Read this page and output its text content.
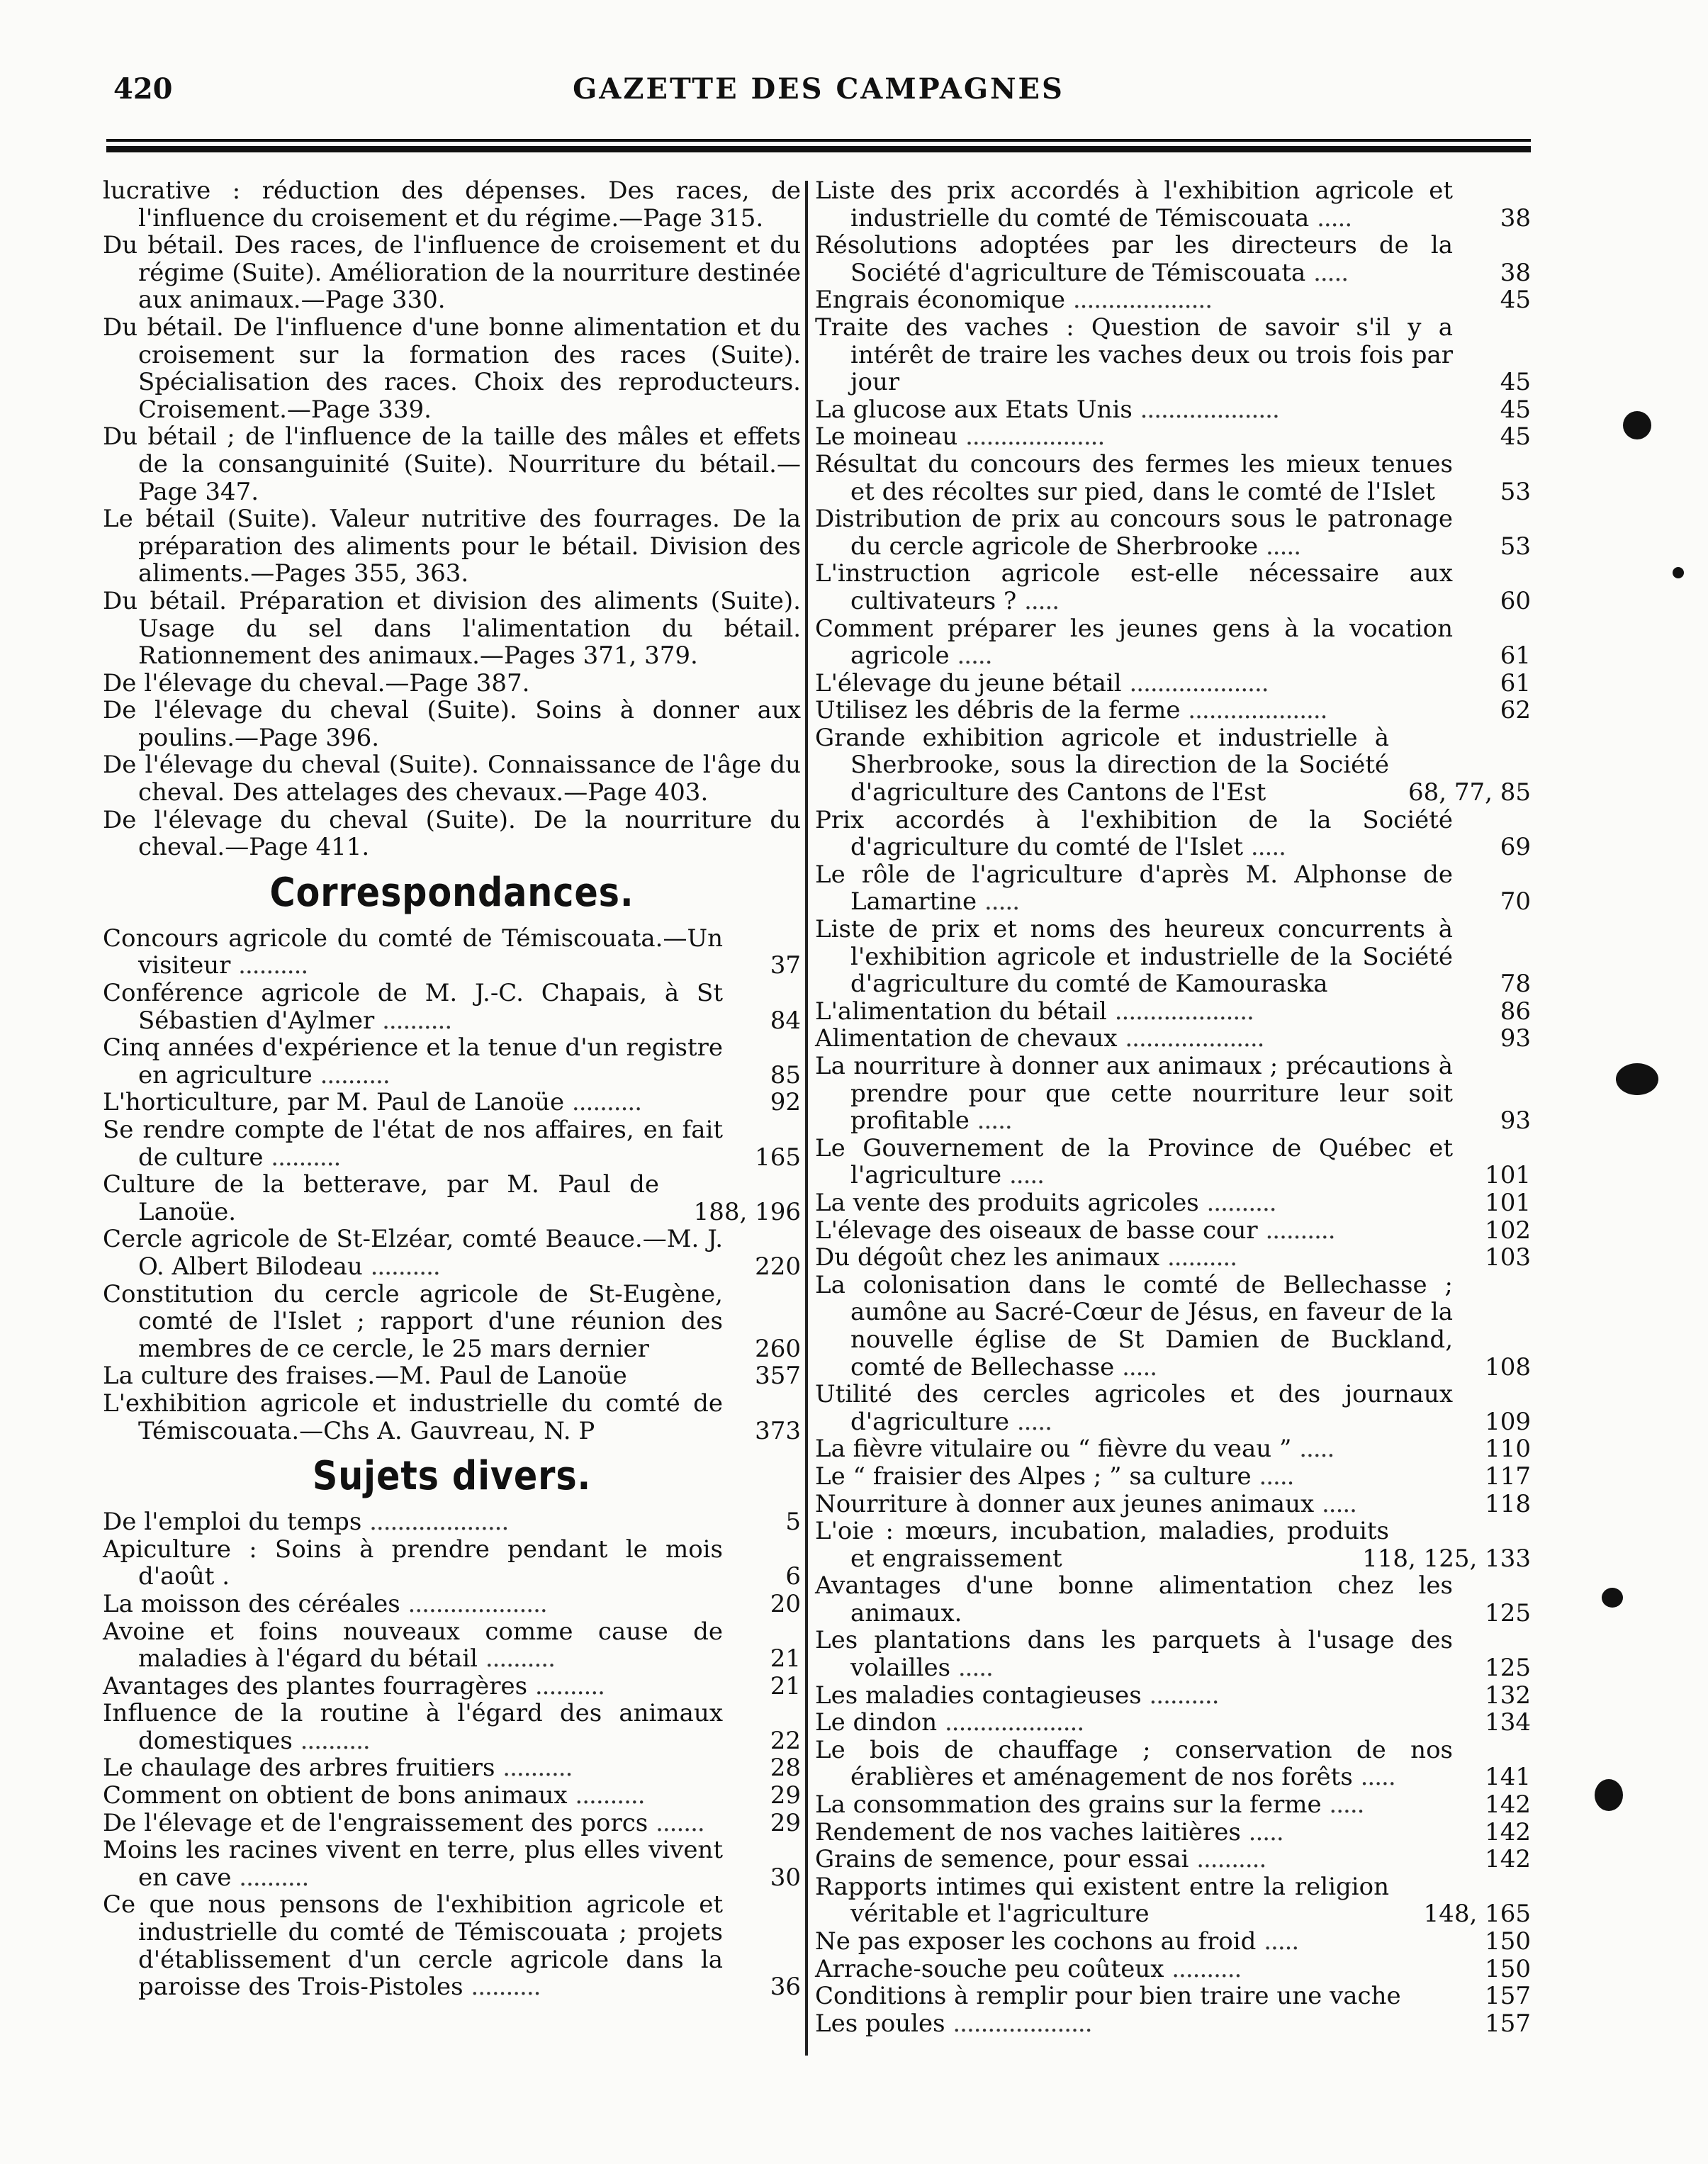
420	GAZETTE DES CAMPAGNES
lucrative : réduction des dépenses. Des races, de l'influence du croisement et du régime.—Page 315.
Du bétail. Des races, de l'influence de croisement et du régime (Suite). Amélioration de la nourriture destinée aux animaux.—Page 330.
Du bétail. De l'influence d'une bonne alimentation et du croisement sur la formation des races (Suite). Spécialisation des races. Choix des reproducteurs. Croisement.—Page 339.
Du bétail ; de l'influence de la taille des mâles et effets de la consanguinité (Suite). Nourriture du bétail.—Page 347.
Le bétail (Suite). Valeur nutritive des fourrages. De la préparation des aliments pour le bétail. Division des aliments.—Pages 355, 363.
Du bétail. Préparation et division des aliments (Suite). Usage du sel dans l'alimentation du bétail. Rationnement des animaux.—Pages 371, 379.
De l'élevage du cheval.—Page 387.
De l'élevage du cheval (Suite). Soins à donner aux poulins.—Page 396.
De l'élevage du cheval (Suite). Connaissance de l'âge du cheval. Des attelages des chevaux.—Page 403.
De l'élevage du cheval (Suite). De la nourriture du cheval.—Page 411.
Correspondances.
Concours agricole du comté de Témiscouata.—Un visiteur ..........	37
Conférence agricole de M. J.-C. Chapais, à St Sébastien d'Aylmer ..........	84
Cinq années d'expérience et la tenue d'un registre en agriculture ..........	85
L'horticulture, par M. Paul de Lanoüe ..........	92
Se rendre compte de l'état de nos affaires, en fait de culture ..........	165
Culture de la betterave, par M. Paul de Lanoüe.	188, 196
Cercle agricole de St-Elzéar, comté Beauce.—M. J. O. Albert Bilodeau ..........	220
Constitution du cercle agricole de St-Eugène, comté de l'Islet ; rapport d'une réunion des membres de ce cercle, le 25 mars dernier	260
La culture des fraises.—M. Paul de Lanoüe	357
L'exhibition agricole et industrielle du comté de Témiscouata.—Chs A. Gauvreau, N. P	373
Sujets divers.
De l'emploi du temps ....................	5
Apiculture : Soins à prendre pendant le mois d'août .	6
La moisson des céréales ....................	20
Avoine et foins nouveaux comme cause de maladies à l'égard du bétail ..........	21
Avantages des plantes fourragères ..........	21
Influence de la routine à l'égard des animaux domestiques ..........	22
Le chaulage des arbres fruitiers ..........	28
Comment on obtient de bons animaux ..........	29
De l'élevage et de l'engraissement des porcs .......	29
Moins les racines vivent en terre, plus elles vivent en cave ..........	30
Ce que nous pensons de l'exhibition agricole et industrielle du comté de Témiscouata ; projets d'établissement d'un cercle agricole dans la paroisse des Trois-Pistoles ..........	36
Liste des prix accordés à l'exhibition agricole et industrielle du comté de Témiscouata .....	38
Résolutions adoptées par les directeurs de la Société d'agriculture de Témiscouata .....	38
Engrais économique ....................	45
Traite des vaches : Question de savoir s'il y a intérêt de traire les vaches deux ou trois fois par jour	45
La glucose aux Etats Unis ....................	45
Le moineau ....................	45
Résultat du concours des fermes les mieux tenues et des récoltes sur pied, dans le comté de l'Islet	53
Distribution de prix au concours sous le patronage du cercle agricole de Sherbrooke .....	53
L'instruction agricole est-elle nécessaire aux cultivateurs ? .....	60
Comment préparer les jeunes gens à la vocation agricole .....	61
L'élevage du jeune bétail ....................	61
Utilisez les débris de la ferme ....................	62
Grande exhibition agricole et industrielle à Sherbrooke, sous la direction de la Société d'agriculture des Cantons de l'Est	68, 77, 85
Prix accordés à l'exhibition de la Société d'agriculture du comté de l'Islet .....	69
Le rôle de l'agriculture d'après M. Alphonse de Lamartine .....	70
Liste de prix et noms des heureux concurrents à l'exhibition agricole et industrielle de la Société d'agriculture du comté de Kamouraska	78
L'alimentation du bétail ....................	86
Alimentation de chevaux ....................	93
La nourriture à donner aux animaux ; précautions à prendre pour que cette nourriture leur soit profitable .....	93
Le Gouvernement de la Province de Québec et l'agriculture .....	101
La vente des produits agricoles ..........	101
L'élevage des oiseaux de basse cour ..........	102
Du dégoût chez les animaux ..........	103
La colonisation dans le comté de Bellechasse ; aumône au Sacré-Cœur de Jésus, en faveur de la nouvelle église de St Damien de Buckland, comté de Bellechasse .....	108
Utilité des cercles agricoles et des journaux d'agriculture .....	109
La fièvre vitulaire ou “ fièvre du veau ” .....	110
Le “ fraisier des Alpes ; ” sa culture .....	117
Nourriture à donner aux jeunes animaux .....	118
L'oie : mœurs, incubation, maladies, produits et engraissement	118, 125, 133
Avantages d'une bonne alimentation chez les animaux.	125
Les plantations dans les parquets à l'usage des volailles .....	125
Les maladies contagieuses ..........	132
Le dindon ....................	134
Le bois de chauffage ; conservation de nos érablières et aménagement de nos forêts .....	141
La consommation des grains sur la ferme .....	142
Rendement de nos vaches laitières .....	142
Grains de semence, pour essai ..........	142
Rapports intimes qui existent entre la religion véritable et l'agriculture	148, 165
Ne pas exposer les cochons au froid .....	150
Arrache-souche peu coûteux ..........	150
Conditions à remplir pour bien traire une vache	157
Les poules ....................	157
